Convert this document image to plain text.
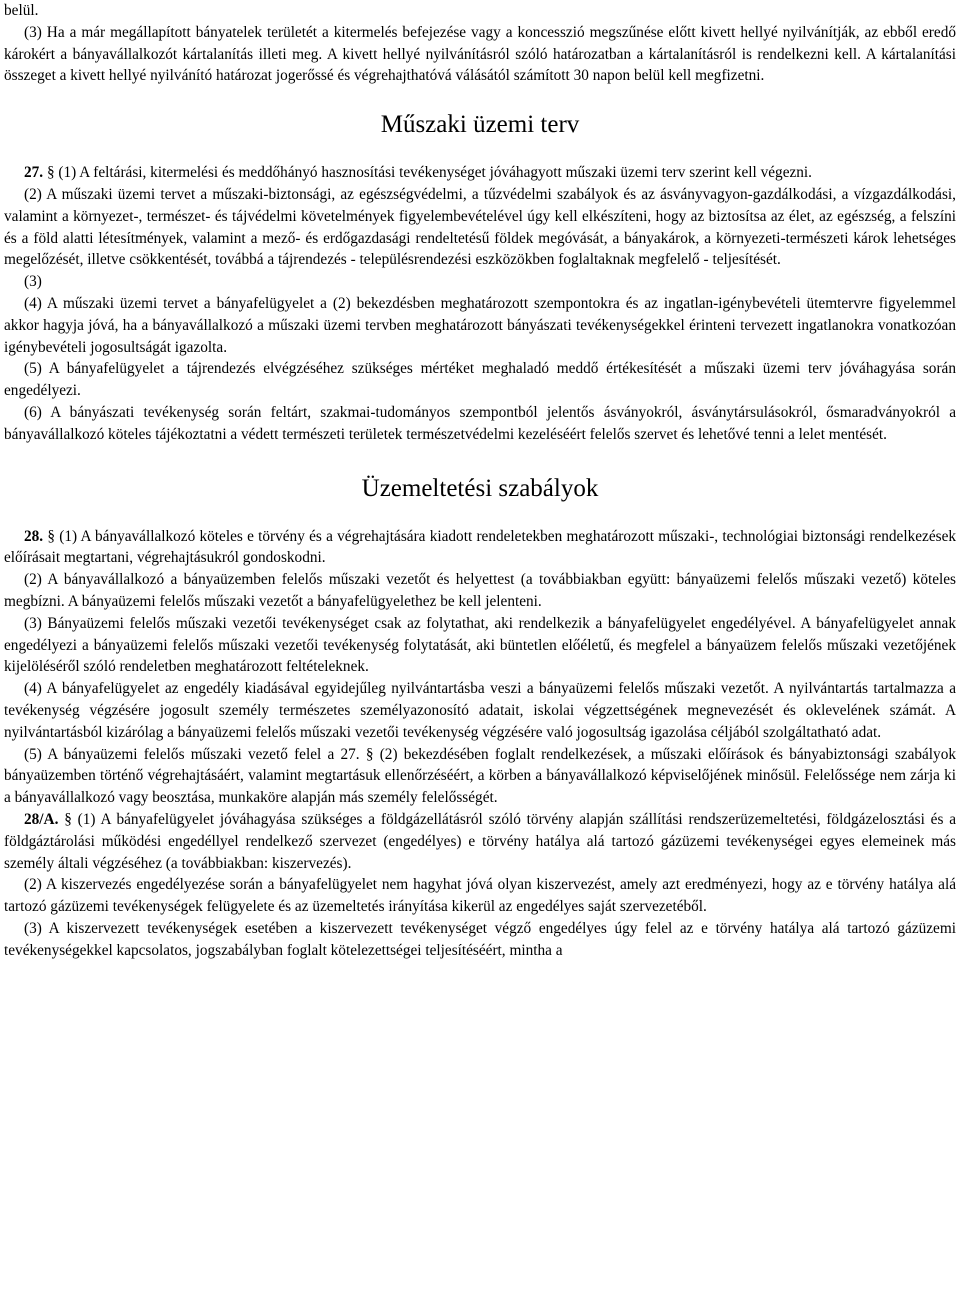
belül.

(3) Ha a már megállapított bányatelek területét a kitermelés befejezése vagy a koncesszió megszűnése előtt kivett hellyé nyilvánítják, az ebből eredő károkért a bányavállalkozót kártalanítás illeti meg. A kivett hellyé nyilvánításról szóló határozatban a kártalanításról is rendelkezni kell. A kártalanítási összeget a kivett hellyé nyilvánító határozat jogerőssé és végrehajthatóvá válásától számított 30 napon belül kell megfizetni.

Műszaki üzemi terv

27. § (1) A feltárási, kitermelési és meddőhányó hasznosítási tevékenységet jóváhagyott műszaki üzemi terv szerint kell végezni.

(2) A műszaki üzemi tervet a műszaki-biztonsági, az egészségvédelmi, a tűzvédelmi szabályok és az ásványvagyon-gazdálkodási, a vízgazdálkodási, valamint a környezet-, természet- és tájvédelmi követelmények figyelembevételével úgy kell elkészíteni, hogy az biztosítsa az élet, az egészség, a felszíni és a föld alatti létesítmények, valamint a mező- és erdőgazdasági rendeltetésű földek megóvását, a bányakárok, a környezeti-természeti károk lehetséges megelőzését, illetve csökkentését, továbbá a tájrendezés - településrendezési eszközökben foglaltaknak megfelelő - teljesítését.

(3)

(4) A műszaki üzemi tervet a bányafelügyelet a (2) bekezdésben meghatározott szempontokra és az ingatlan-igénybevételi ütemtervre figyelemmel akkor hagyja jóvá, ha a bányavállalkozó a műszaki üzemi tervben meghatározott bányászati tevékenységekkel érinteni tervezett ingatlanokra vonatkozóan igénybevételi jogosultságát igazolta.

(5) A bányafelügyelet a tájrendezés elvégzéséhez szükséges mértéket meghaladó meddő értékesítését a műszaki üzemi terv jóváhagyása során engedélyezi.

(6) A bányászati tevékenység során feltárt, szakmai-tudományos szempontból jelentős ásványokról, ásványtársulásokról, ősmaradványokról a bányavállalkozó köteles tájékoztatni a védett természeti területek természetvédelmi kezeléséért felelős szervet és lehetővé tenni a lelet mentését.

Üzemeltetési szabályok

28. § (1) A bányavállalkozó köteles e törvény és a végrehajtására kiadott rendeletekben meghatározott műszaki-, technológiai biztonsági rendelkezések előírásait megtartani, végrehajtásukról gondoskodni.

(2) A bányavállalkozó a bányaüzemben felelős műszaki vezetőt és helyettest (a továbbiakban együtt: bányaüzemi felelős műszaki vezető) köteles megbízni. A bányaüzemi felelős műszaki vezetőt a bányafelügyelethez be kell jelenteni.

(3) Bányaüzemi felelős műszaki vezetői tevékenységet csak az folytathat, aki rendelkezik a bányafelügyelet engedélyével. A bányafelügyelet annak engedélyezi a bányaüzemi felelős műszaki vezetői tevékenység folytatását, aki büntetlen előéletű, és megfelel a bányaüzem felelős műszaki vezetőjének kijelöléséről szóló rendeletben meghatározott feltételeknek.

(4) A bányafelügyelet az engedély kiadásával egyidejűleg nyilvántartásba veszi a bányaüzemi felelős műszaki vezetőt. A nyilvántartás tartalmazza a tevékenység végzésére jogosult személy természetes személyazonosító adatait, iskolai végzettségének megnevezését és oklevelének számát. A nyilvántartásból kizárólag a bányaüzemi felelős műszaki vezetői tevékenység végzésére való jogosultság igazolása céljából szolgáltatható adat.

(5) A bányaüzemi felelős műszaki vezető felel a 27. § (2) bekezdésében foglalt rendelkezések, a műszaki előírások és bányabiztonsági szabályok bányaüzemben történő végrehajtásáért, valamint megtartásuk ellenőrzéséért, a körben a bányavállalkozó képviselőjének minősül. Felelőssége nem zárja ki a bányavállalkozó vagy beosztása, munkaköre alapján más személy felelősségét.

28/A. § (1) A bányafelügyelet jóváhagyása szükséges a földgázellátásról szóló törvény alapján szállítási rendszerüzemeltetési, földgázelosztási és a földgáztárolási működési engedéllyel rendelkező szervezet (engedélyes) e törvény hatálya alá tartozó gázüzemi tevékenységei egyes elemeinek más személy általi végzéséhez (a továbbiakban: kiszervezés).

(2) A kiszervezés engedélyezése során a bányafelügyelet nem hagyhat jóvá olyan kiszervezést, amely azt eredményezi, hogy az e törvény hatálya alá tartozó gázüzemi tevékenységek felügyelete és az üzemeltetés irányítása kikerül az engedélyes saját szervezetéből.

(3) A kiszervezett tevékenységek esetében a kiszervezett tevékenységet végző engedélyes úgy felel az e törvény hatálya alá tartozó gázüzemi tevékenységekkel kapcsolatos, jogszabályban foglalt kötelezettségei teljesítéséért, mintha a
